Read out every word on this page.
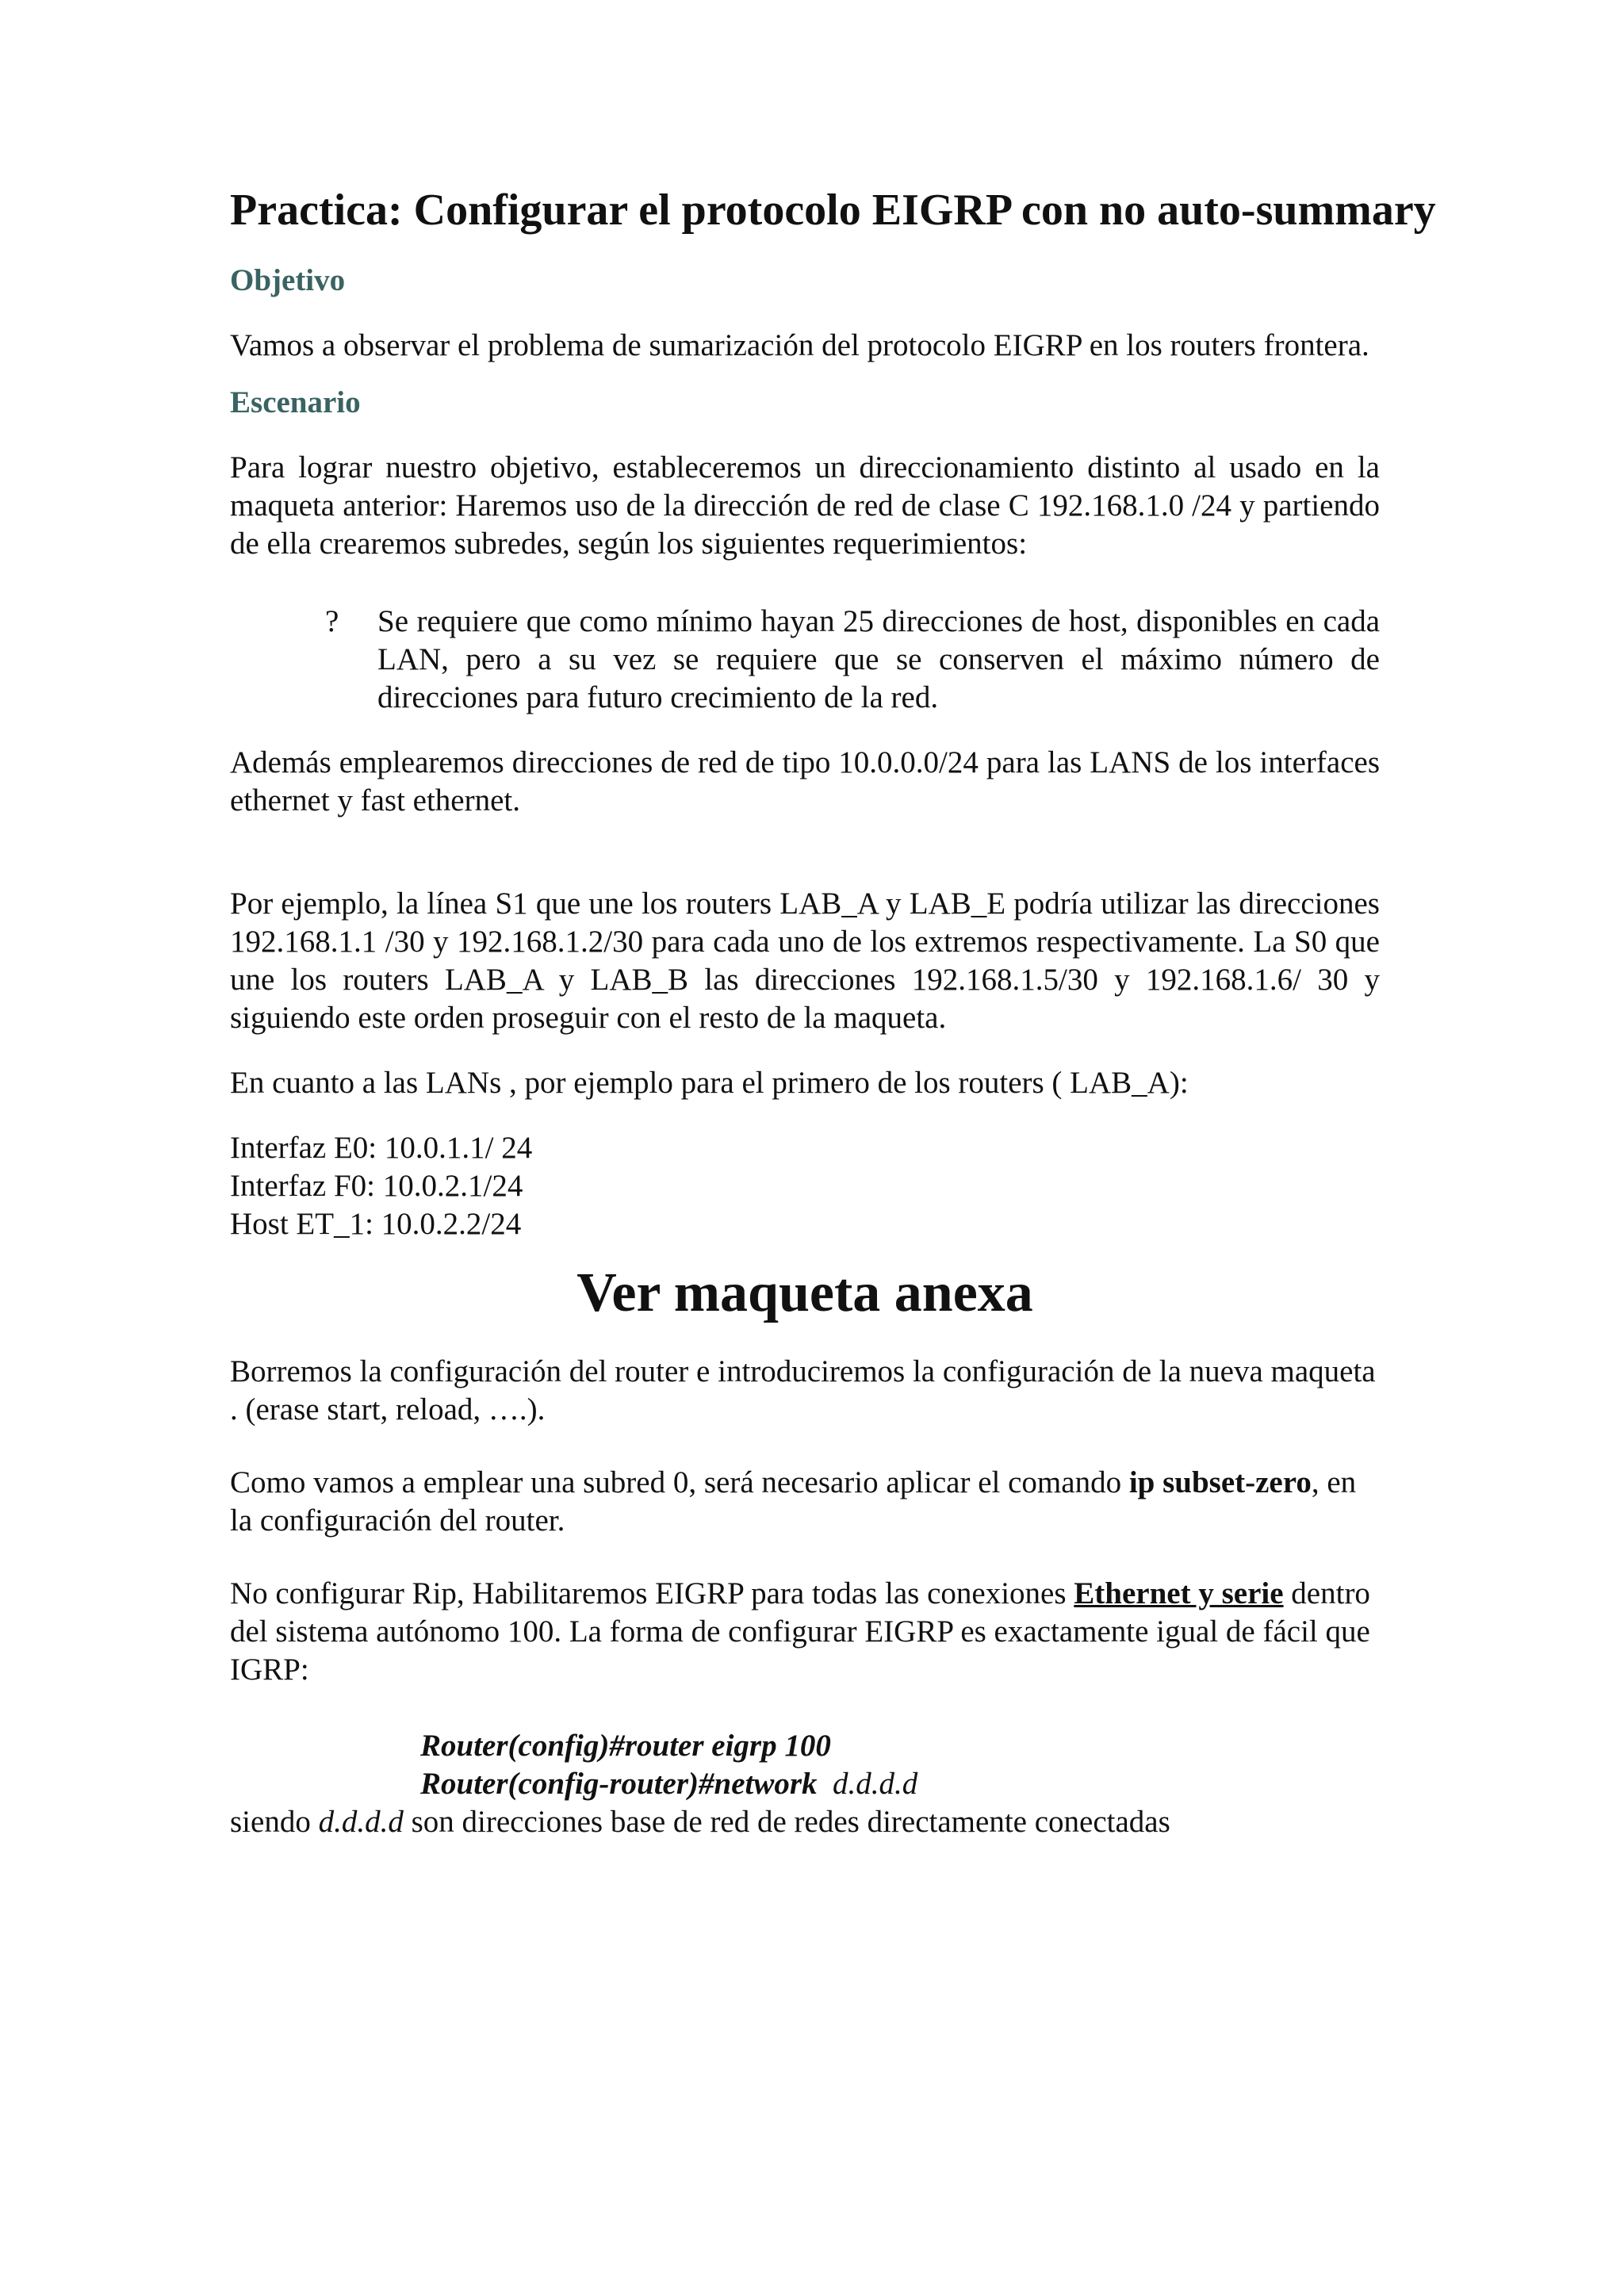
Practica: Configurar el protocolo EIGRP con no auto-summary
Objetivo

Vamos a observar el problema de sumarización del protocolo EIGRP en los routers frontera.

Escenario

Para lograr nuestro objetivo, estableceremos un direccionamiento distinto al usado en la maqueta anterior: Haremos uso de la dirección de red de clase C 192.168.1.0 /24 y partiendo de ella crearemos subredes, según los siguientes requerimientos:

?	Se requiere que como mínimo hayan 25 direcciones de host, disponibles en cada LAN, pero a su vez se requiere que se conserven el máximo número de direcciones para futuro crecimiento de la red.

Además emplearemos direcciones de red de tipo 10.0.0.0/24 para las LANS de los interfaces ethernet y fast ethernet.

Por ejemplo, la línea S1 que une los routers LAB_A y LAB_E podría utilizar las direcciones 192.168.1.1 /30 y 192.168.1.2/30 para cada uno de los extremos respectivamente. La S0 que une los routers LAB_A y LAB_B las direcciones 192.168.1.5/30 y 192.168.1.6/ 30 y siguiendo este orden proseguir con el resto de la maqueta.

En cuanto a las LANs , por ejemplo para el primero de los routers ( LAB_A):

Interfaz E0: 10.0.1.1/ 24

Interfaz F0: 10.0.2.1/24

Host ET_1: 10.0.2.2/24

Ver maqueta anexa

Borremos la configuración del router e introduciremos la configuración de la nueva maqueta . (erase start, reload, ….).

Como vamos a emplear una subred 0, será necesario aplicar el comando ip subset-zero, en la configuración del router.

No configurar Rip, Habilitaremos EIGRP para todas las conexiones Ethernet y serie dentro del sistema autónomo 100. La forma de configurar EIGRP es exactamente igual de fácil que IGRP:

Router(config)#router eigrp 100

Router(config-router)#network d.d.d.d

siendo d.d.d.d son direcciones base de red de redes directamente conectadas
